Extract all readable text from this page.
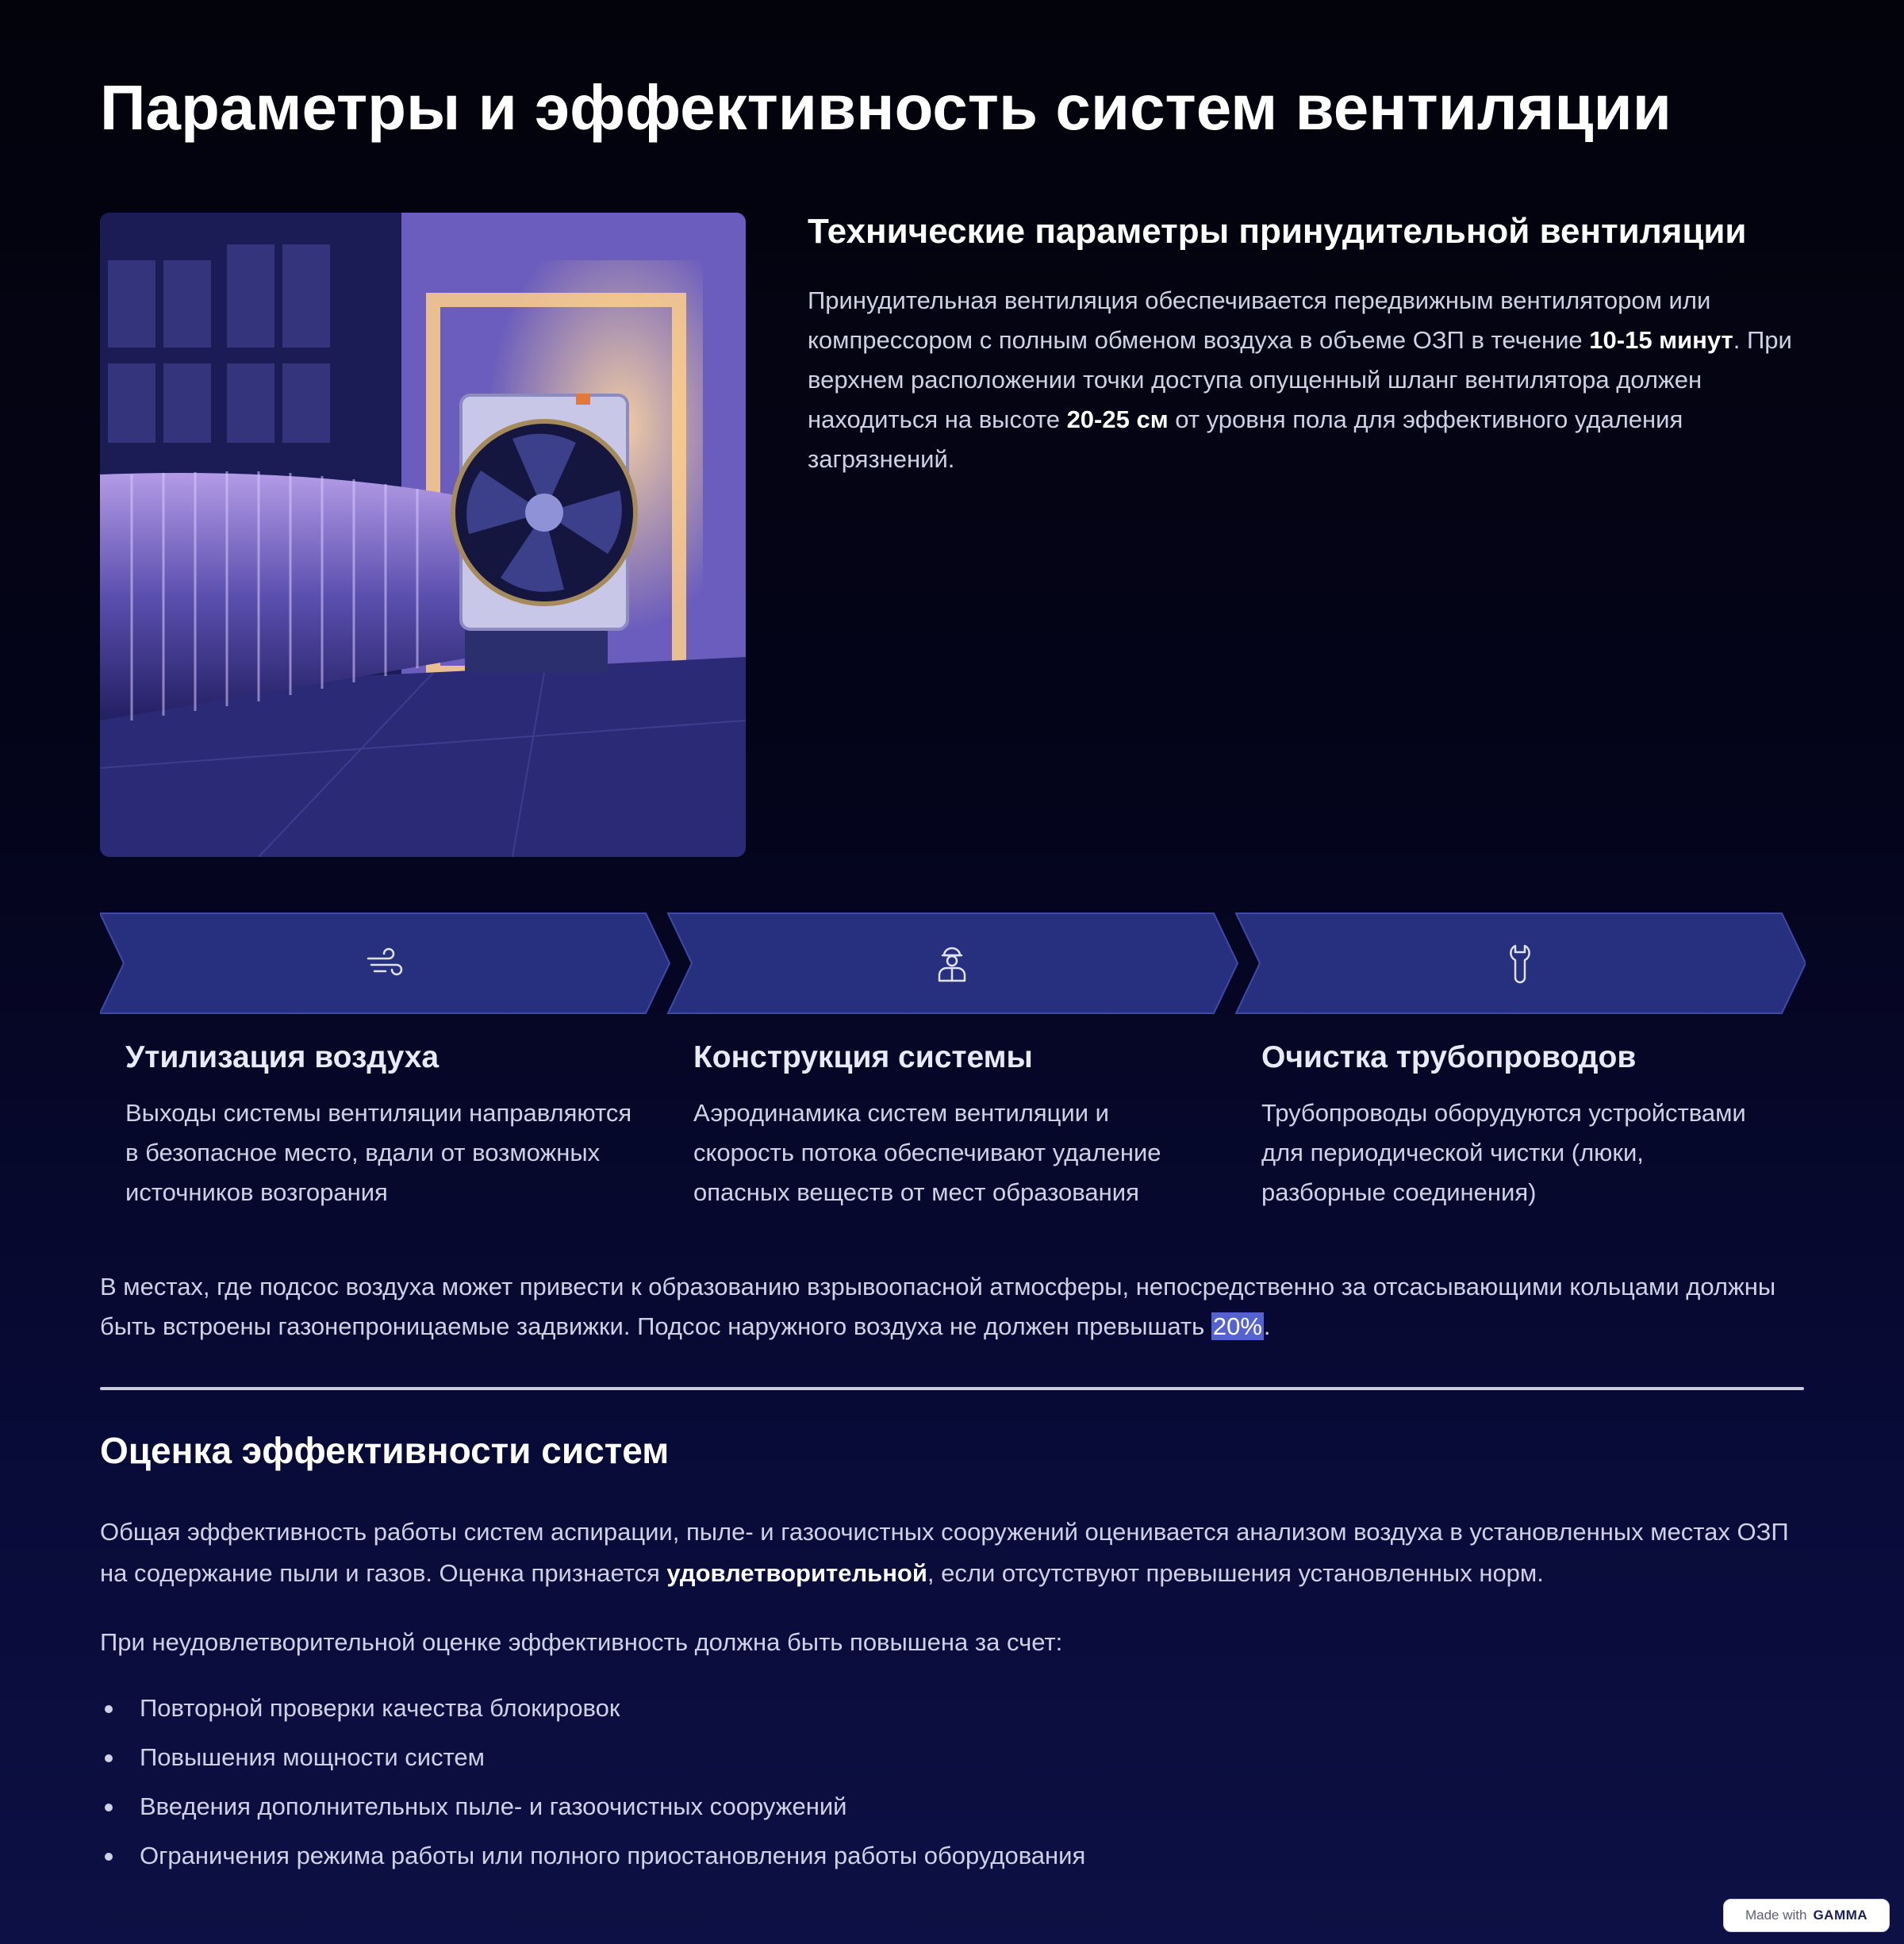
Параметры и эффективность систем вентиляции
Технические параметры принудительной вентиляции
Принудительная вентиляция обеспечивается передвижным вентилятором или компрессором с полным обменом воздуха в объеме ОЗП в течение 10-15 минут. При верхнем расположении точки доступа опущенный шланг вентилятора должен находиться на высоте 20-25 см от уровня пола для эффективного удаления загрязнений.
Утилизация воздуха

Выходы системы вентиляции направляются в безопасное место, вдали от возможных источников возгорания

Конструкция системы

Аэродинамика систем вентиляции и скорость потока обеспечивают удаление опасных веществ от мест образования

Очистка трубопроводов

Трубопроводы оборудуются устройствами для периодической чистки (люки, разборные соединения)

В местах, где подсос воздуха может привести к образованию взрывоопасной атмосферы, непосредственно за отсасывающими кольцами должны быть встроены газонепроницаемые задвижки. Подсос наружного воздуха не должен превышать 20%.

Оценка эффективности систем

Общая эффективность работы систем аспирации, пыле- и газоочистных сооружений оценивается анализом воздуха в установленных местах ОЗП на содержание пыли и газов. Оценка признается удовлетворительной, если отсутствуют превышения установленных норм.

При неудовлетворительной оценке эффективность должна быть повышена за счет:

Повторной проверки качества блокировок
Повышения мощности систем
Введения дополнительных пыле- и газоочистных сооружений
Ограничения режима работы или полного приостановления работы оборудования
Made with GAMMA
